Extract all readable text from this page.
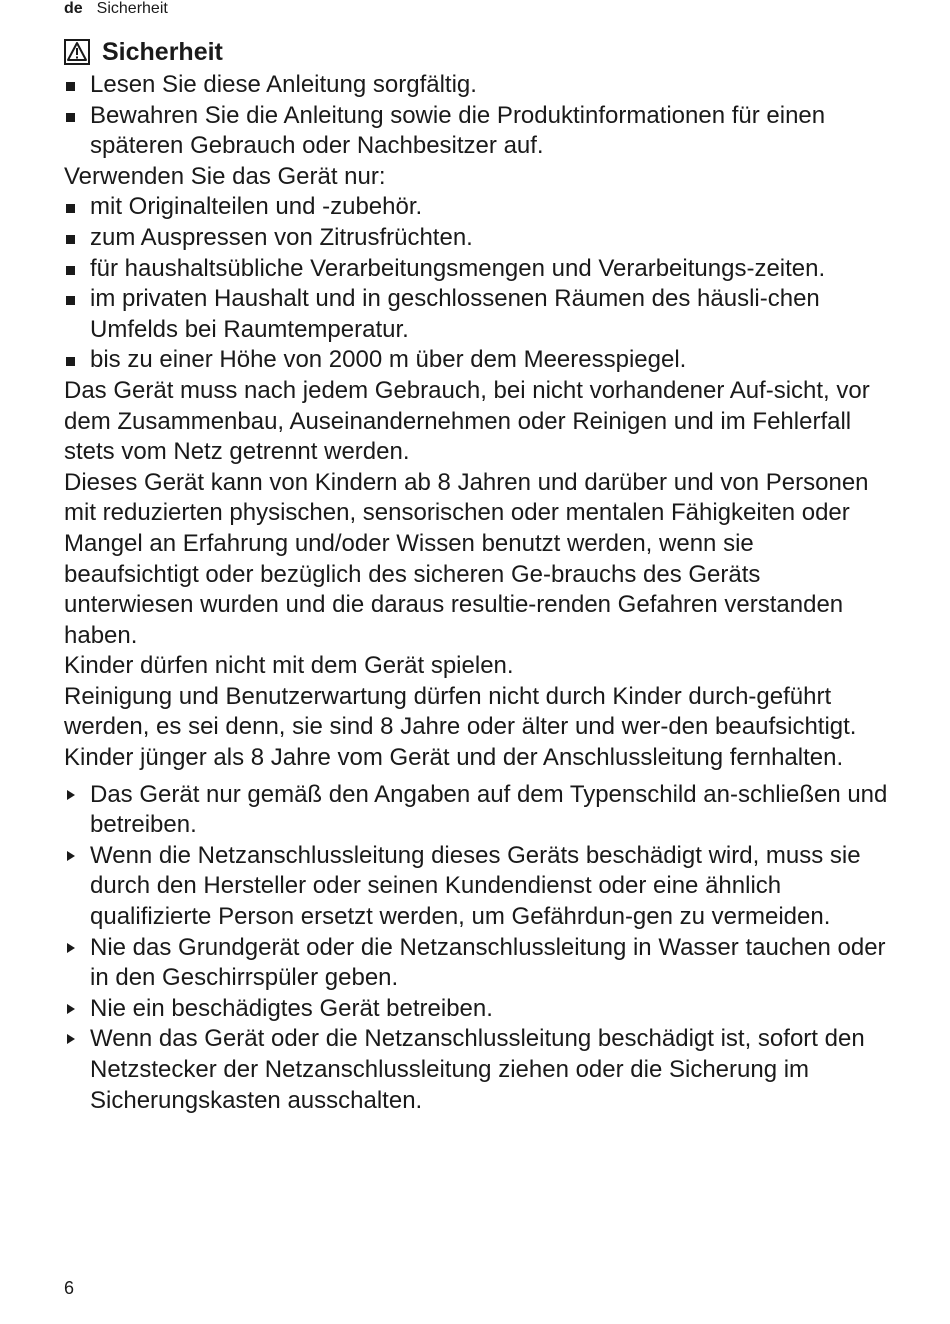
de Sicherheit
Sicherheit
Lesen Sie diese Anleitung sorgfältig.
Bewahren Sie die Anleitung sowie die Produktinformationen für einen späteren Gebrauch oder Nachbesitzer auf.

Verwenden Sie das Gerät nur:

mit Originalteilen und -zubehör.
zum Auspressen von Zitrusfrüchten.
für haushaltsübliche Verarbeitungsmengen und Verarbeitungs-zeiten.
im privaten Haushalt und in geschlossenen Räumen des häusli-chen Umfelds bei Raumtemperatur.
bis zu einer Höhe von 2000 m über dem Meeresspiegel.

Das Gerät muss nach jedem Gebrauch, bei nicht vorhandener Auf-sicht, vor dem Zusammenbau, Auseinandernehmen oder Reinigen und im Fehlerfall stets vom Netz getrennt werden.

Dieses Gerät kann von Kindern ab 8 Jahren und darüber und von Personen mit reduzierten physischen, sensorischen oder mentalen Fähigkeiten oder Mangel an Erfahrung und/oder Wissen benutzt werden, wenn sie beaufsichtigt oder bezüglich des sicheren Ge-brauchs des Geräts unterwiesen wurden und die daraus resultie-renden Gefahren verstanden haben.

Kinder dürfen nicht mit dem Gerät spielen.

Reinigung und Benutzerwartung dürfen nicht durch Kinder durch-geführt werden, es sei denn, sie sind 8 Jahre oder älter und wer-den beaufsichtigt.

Kinder jünger als 8 Jahre vom Gerät und der Anschlussleitung fernhalten.

Das Gerät nur gemäß den Angaben auf dem Typenschild an-schließen und betreiben.
Wenn die Netzanschlussleitung dieses Geräts beschädigt wird, muss sie durch den Hersteller oder seinen Kundendienst oder eine ähnlich qualifizierte Person ersetzt werden, um Gefährdun-gen zu vermeiden.
Nie das Grundgerät oder die Netzanschlussleitung in Wasser tauchen oder in den Geschirrspüler geben.
Nie ein beschädigtes Gerät betreiben.
Wenn das Gerät oder die Netzanschlussleitung beschädigt ist, sofort den Netzstecker der Netzanschlussleitung ziehen oder die Sicherung im Sicherungskasten ausschalten.
6
